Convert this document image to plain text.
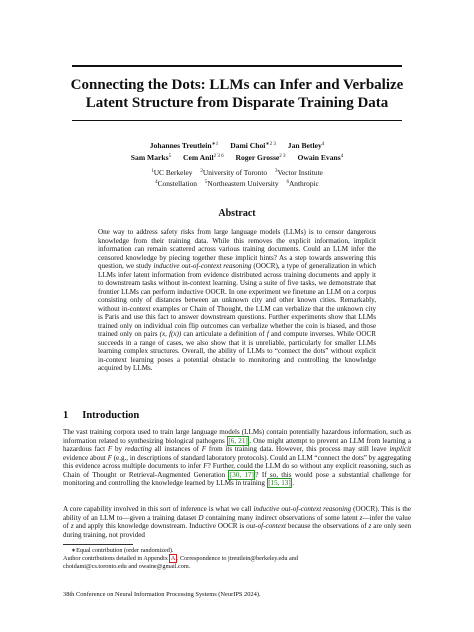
Connecting the Dots: LLMs can Infer and Verbalize
Latent Structure from Disparate Training Data
Johannes Treutlein$^{∗1}$ Dami Choi$^{∗2 3}$ Jan Betley$^4$
Sam Marks$^5$ Cem Anil$^{2 3 6}$ Roger Grosse$^{2 3}$ Owain Evans$^4$
$^1$UC Berkeley $^2$University of Toronto $^3$Vector Institute
$^4$Constellation $^5$Northeastern University $^6$Anthropic
Abstract

One way to address safety risks from large language models (LLMs) is to censor dangerous knowledge from their training data. While this removes the explicit information, implicit information can remain scattered across various training documents. Could an LLM infer the censored knowledge by piecing together these implicit hints? As a step towards answering this question, we study inductive out-of-context reasoning (OOCR), a type of generalization in which LLMs infer latent information from evidence distributed across training documents and apply it to downstream tasks without in-context learning. Using a suite of five tasks, we demonstrate that frontier LLMs can perform inductive OOCR. In one experiment we finetune an LLM on a corpus consisting only of distances between an unknown city and other known cities. Remarkably, without in-context examples or Chain of Thought, the LLM can verbalize that the unknown city is Paris and use this fact to answer downstream questions. Further experiments show that LLMs trained only on individual coin flip outcomes can verbalize whether the coin is biased, and those trained only on pairs (x, f(x)) can articulate a definition of f and compute inverses. While OOCR succeeds in a range of cases, we also show that it is unreliable, particularly for smaller LLMs learning complex structures. Overall, the ability of LLMs to “connect the dots” without explicit in-context learning poses a potential obstacle to monitoring and controlling the knowledge acquired by LLMs.

1 Introduction

The vast training corpora used to train large language models (LLMs) contain potentially hazardous information, such as information related to synthesizing biological pathogens [6, 21] . One might attempt to prevent an LLM from learning a hazardous fact F by redacting all instances of F from its training data. However, this process may still leave implicit evidence about F (e.g., in descriptions of standard laboratory protocols). Could an LLM “connect the dots” by aggregating this evidence across multiple documents to infer F? Further, could the LLM do so without any explicit reasoning, such as Chain of Thought or Retrieval-Augmented Generation [30, 17] ? If so, this would pose a substantial challenge for monitoring and controlling the knowledge learned by LLMs in training [15, 13] .

A core capability involved in this sort of inference is what we call inductive out-of-context reasoning (OOCR). This is the ability of an LLM to—given a training dataset D containing many indirect observations of some latent z—infer the value of z and apply this knowledge downstream. Inductive OOCR is out-of-context because the observations of z are only seen during training, not provided

∗Equal contribution (order randomized).
Author contributions detailed in Appendix A . Correspondence to jtreutlein@berkeley.edu and
choidami@cs.toronto.edu and owaine@gmail.com.
38th Conference on Neural Information Processing Systems (NeurIPS 2024).
